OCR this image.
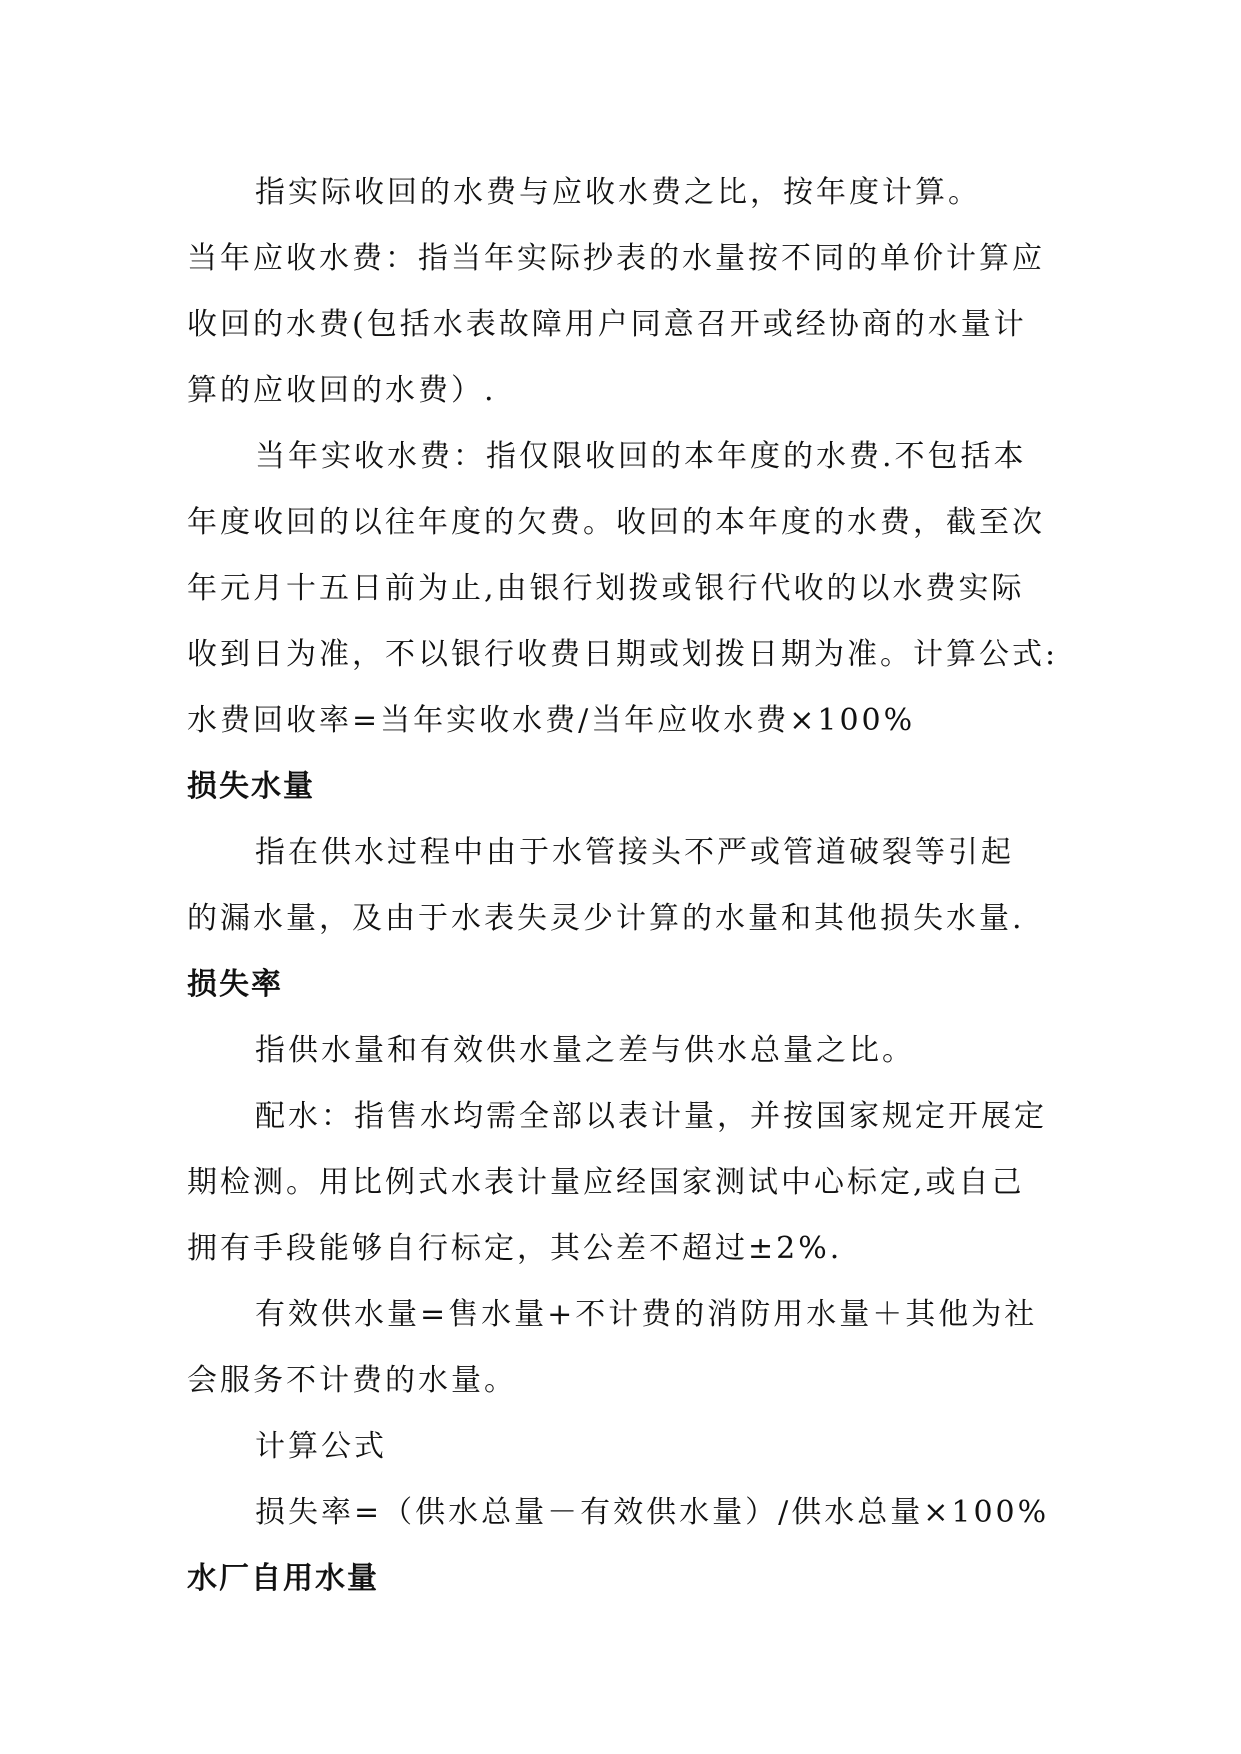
指实际收回的水费与应收水费之比，按年度计算。
当年应收水费：指当年实际抄表的水量按不同的单价计算应
收回的水费(包括水表故障用户同意召开或经协商的水量计
算的应收回的水费）.
当年实收水费：指仅限收回的本年度的水费.不包括本
年度收回的以往年度的欠费。收回的本年度的水费，截至次
年元月十五日前为止,由银行划拨或银行代收的以水费实际
收到日为准，不以银行收费日期或划拨日期为准。计算公式:
水费回收率=当年实收水费/当年应收水费×100%
损失水量
指在供水过程中由于水管接头不严或管道破裂等引起
的漏水量，及由于水表失灵少计算的水量和其他损失水量.
损失率
指供水量和有效供水量之差与供水总量之比。
配水：指售水均需全部以表计量，并按国家规定开展定
期检测。用比例式水表计量应经国家测试中心标定,或自己
拥有手段能够自行标定，其公差不超过±2%.
有效供水量=售水量+不计费的消防用水量＋其他为社
会服务不计费的水量。
计算公式
损失率=（供水总量－有效供水量）/供水总量×100%
水厂自用水量
